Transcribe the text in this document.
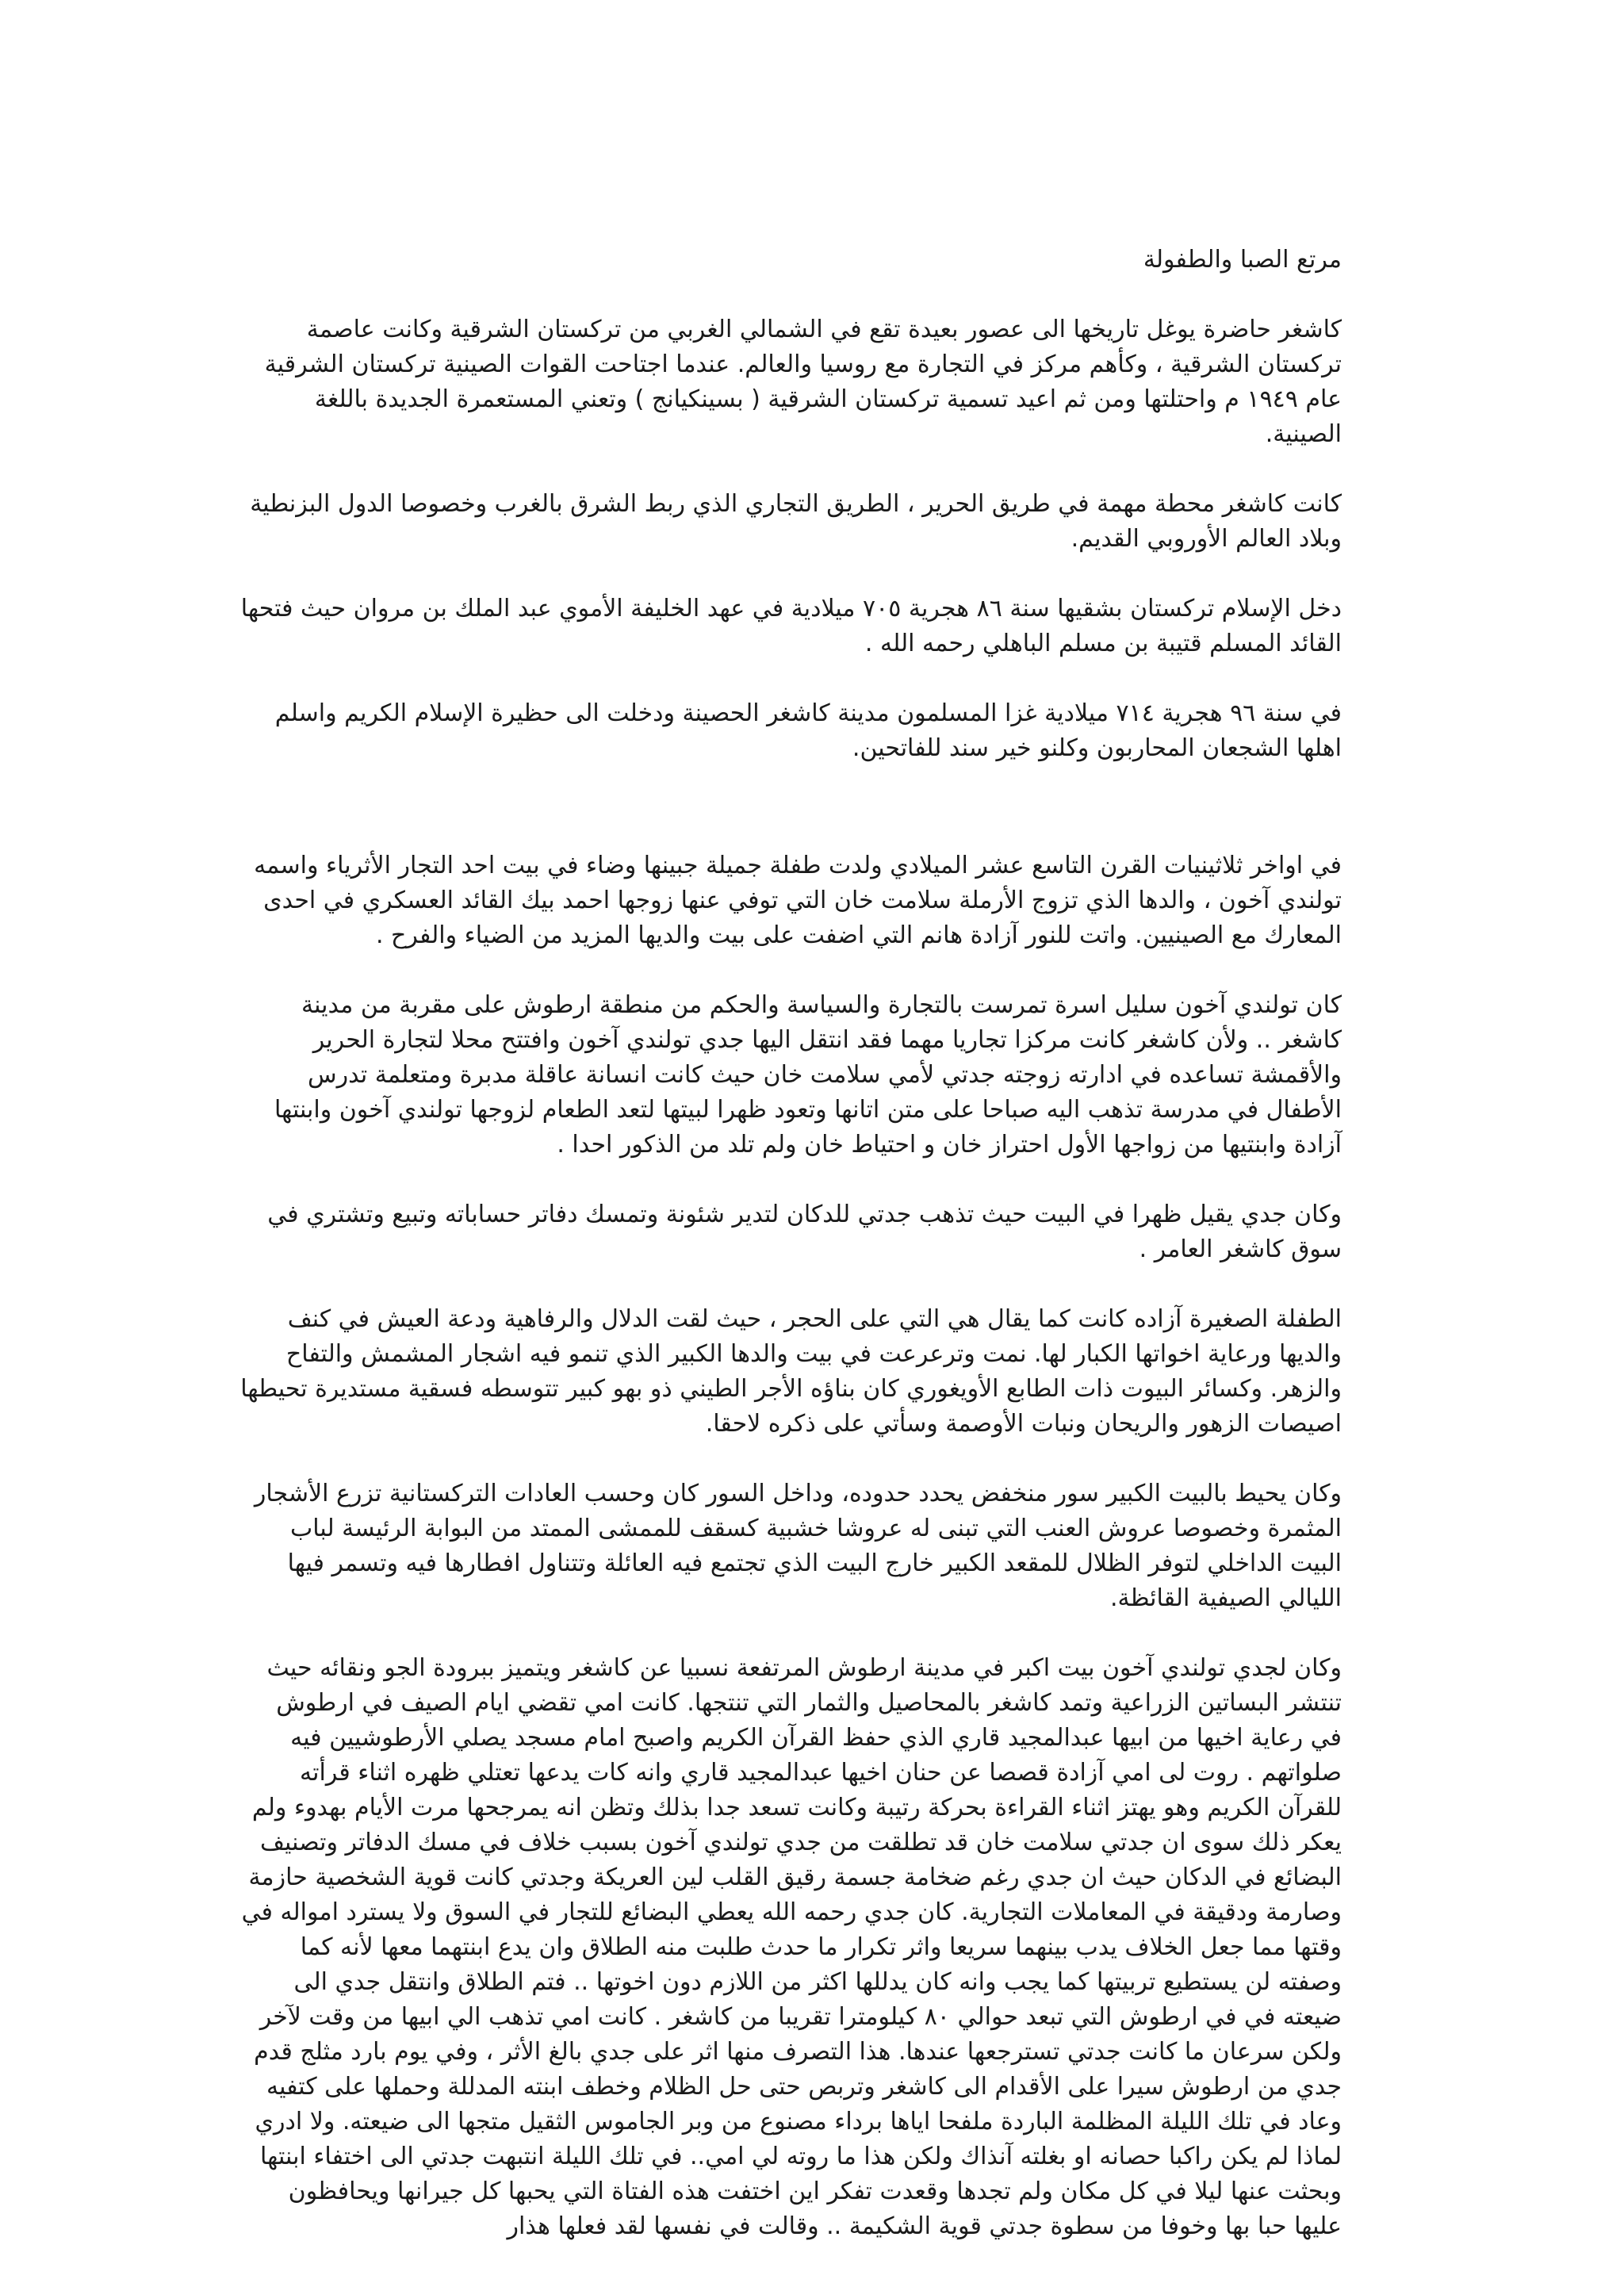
مرتع الصبا والطفولة

كاشغر حاضرة يوغل تاريخها الى عصور بعيدة تقع في الشمالي الغربي من تركستان الشرقية وكانت عاصمة تركستان الشرقية ، وكأهم مركز في التجارة مع روسيا والعالم. عندما اجتاحت القوات الصينية تركستان الشرقية عام ١٩٤٩ م واحتلتها ومن ثم اعيد تسمية تركستان الشرقية ( بسينكيانج ) وتعني المستعمرة الجديدة باللغة الصينية.

كانت كاشغر محطة مهمة في طريق الحرير ، الطريق التجاري الذي ربط الشرق بالغرب وخصوصا الدول البزنطية وبلاد العالم الأوروبي القديم.

دخل الإسلام تركستان بشقيها سنة ٨٦ هجرية ٧٠٥ ميلادية في عهد الخليفة الأموي عبد الملك بن مروان حيث فتحها القائد المسلم قتيبة بن مسلم الباهلي رحمه الله .

في سنة ٩٦ هجرية ٧١٤ ميلادية غزا المسلمون مدينة كاشغر الحصينة ودخلت الى حظيرة الإسلام الكريم واسلم اهلها الشجعان المحاربون وكلنو خير سند للفاتحين.

في اواخر ثلاثينيات القرن التاسع عشر الميلادي ولدت طفلة جميلة جبينها وضاء في بيت احد التجار الأثرياء واسمه تولندي آخون ، والدها الذي تزوج الأرملة سلامت خان التي توفي عنها زوجها احمد بيك القائد العسكري في احدى المعارك مع الصينيين. واتت للنور آزادة هانم التي اضفت على بيت والديها المزيد من الضياء والفرح .

كان تولندي آخون سليل اسرة تمرست بالتجارة والسياسة والحكم من منطقة ارطوش على مقربة من مدينة كاشغر .. ولأن كاشغر كانت مركزا تجاريا مهما فقد انتقل اليها جدي تولندي آخون وافتتح محلا لتجارة الحرير والأقمشة تساعده في ادارته زوجته جدتي لأمي سلامت خان حيث كانت انسانة عاقلة مدبرة ومتعلمة تدرس الأطفال في مدرسة تذهب اليه صباحا على متن اتانها وتعود ظهرا لبيتها لتعد الطعام لزوجها تولندي آخون وابنتها آزادة وابنتيها من زواجها الأول احتراز خان و احتياط خان ولم تلد من الذكور احدا .

وكان جدي يقيل ظهرا في البيت حيث تذهب جدتي للدكان لتدير شئونة وتمسك دفاتر حساباته وتبيع وتشتري في سوق كاشغر العامر .

الطفلة الصغيرة آزاده كانت كما يقال هي التي على الحجر ، حيث لقت الدلال والرفاهية ودعة العيش في كنف والديها ورعاية اخواتها الكبار لها. نمت وترعرعت في بيت والدها الكبير الذي تنمو فيه اشجار المشمش والتفاح والزهر. وكسائر البيوت ذات الطابع الأويغوري كان بناؤه الأجر الطيني ذو بهو كبير تتوسطه فسقية مستديرة تحيطها اصيصات الزهور والريحان ونبات الأوصمة وسأتي على ذكره لاحقا.

وكان يحيط بالبيت الكبير سور منخفض يحدد حدوده، وداخل السور كان وحسب العادات التركستانية تزرع الأشجار المثمرة وخصوصا عروش العنب التي تبنى له عروشا خشبية كسقف للممشى الممتد من البوابة الرئيسة لباب البيت الداخلي لتوفر الظلال للمقعد الكبير خارج البيت الذي تجتمع فيه العائلة وتتناول افطارها فيه وتسمر فيها الليالي الصيفية القائظة.

وكان لجدي تولندي آخون بيت اكبر في مدينة ارطوش المرتفعة نسبيا عن كاشغر ويتميز ببرودة الجو ونقائه حيث تنتشر البساتين الزراعية وتمد كاشغر بالمحاصيل والثمار التي تنتجها. كانت امي تقضي ايام الصيف في ارطوش في رعاية اخيها من ابيها عبدالمجيد قاري الذي حفظ القرآن الكريم واصبح امام مسجد يصلي الأرطوشيين فيه صلواتهم . روت لى امي آزادة قصصا عن حنان اخيها عبدالمجيد قاري وانه كات يدعها تعتلي ظهره اثناء قرأته للقرآن الكريم وهو يهتز اثناء القراءة بحركة رتيبة وكانت تسعد جدا بذلك وتظن انه يمرجحها مرت الأيام بهدوء ولم يعكر ذلك سوى ان جدتي سلامت خان قد تطلقت من جدي تولندي آخون بسبب خلاف في مسك الدفاتر وتصنيف البضائع في الدكان حيث ان جدي رغم ضخامة جسمة رقيق القلب لين العريكة وجدتي كانت قوية الشخصية حازمة وصارمة ودقيقة في المعاملات التجارية. كان جدي رحمه الله يعطي البضائع للتجار في السوق ولا يسترد امواله في وقتها مما جعل الخلاف يدب بينهما سريعا واثر تكرار ما حدث طلبت منه الطلاق وان يدع ابنتهما معها لأنه كما وصفته لن يستطيع تربيتها كما يجب وانه كان يدللها اكثر من اللازم دون اخوتها .. فتم الطلاق وانتقل جدي الى ضيعته في في ارطوش التي تبعد حوالي ٨٠ كيلومترا تقريبا من كاشغر . كانت امي تذهب الي ابيها من وقت لآخر ولكن سرعان ما كانت جدتي تسترجعها عندها. هذا التصرف منها اثر على جدي بالغ الأثر ، وفي يوم بارد مثلج قدم جدي من ارطوش سيرا على الأقدام الى كاشغر وتربص حتى حل الظلام وخطف ابنته المدللة وحملها على كتفيه وعاد في تلك الليلة المظلمة الباردة ملفحا اياها برداء مصنوع من وبر الجاموس الثقيل متجها الى ضيعته. ولا ادري لماذا لم يكن راكبا حصانه او بغلته آنذاك ولكن هذا ما روته لي امي.. في تلك الليلة انتبهت جدتي الى اختفاء ابنتها وبحثت عنها ليلا في كل مكان ولم تجدها وقعدت تفكر اين اختفت هذه الفتاة التي يحبها كل جيرانها ويحافظون عليها حبا بها وخوفا من سطوة جدتي قوية الشكيمة .. وقالت في نفسها لقد فعلها هذار
